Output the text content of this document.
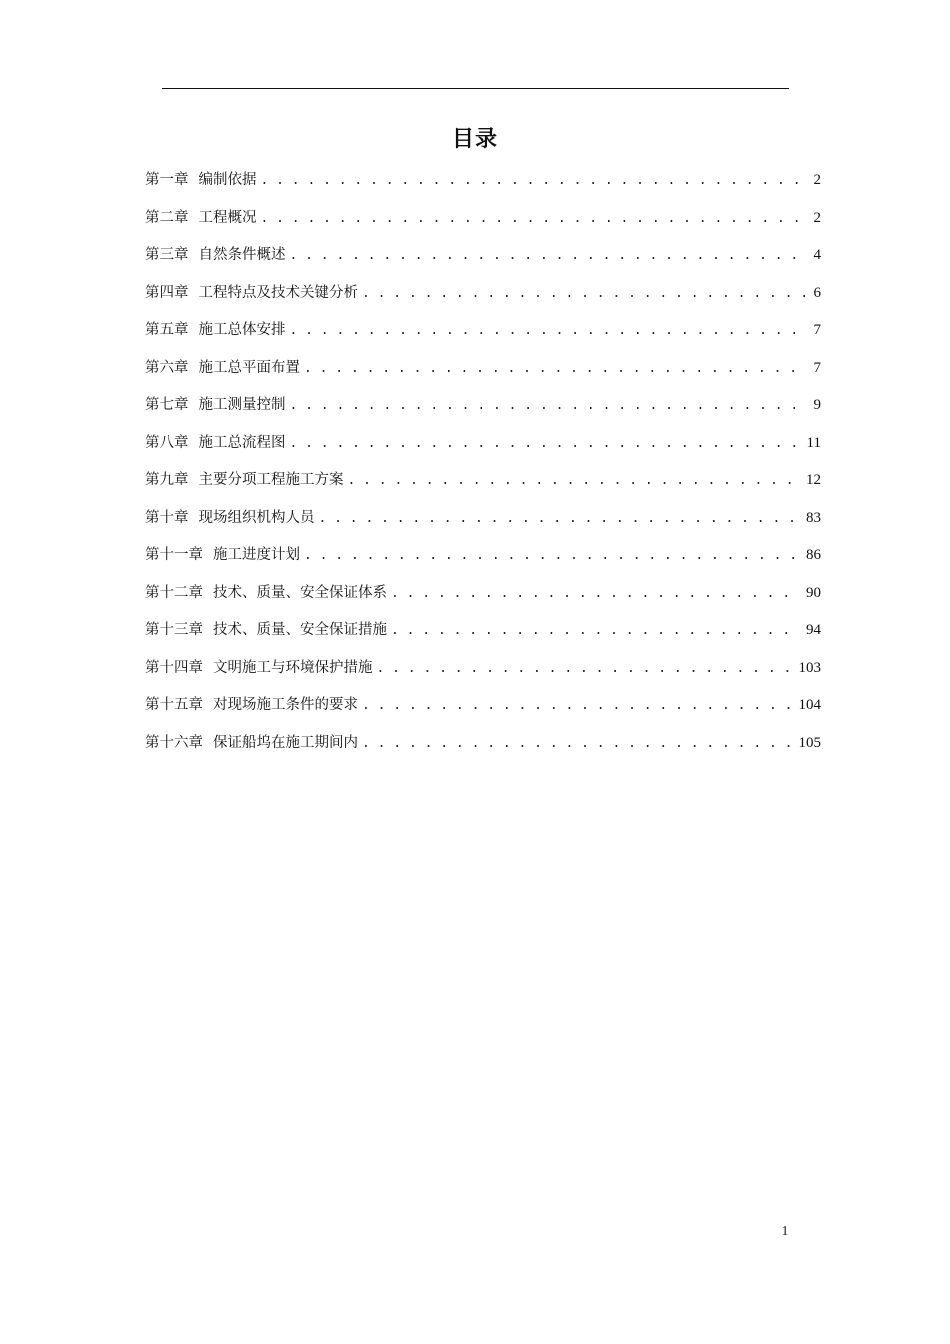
目录
第一章 编制依据 . . .	2
第二章 工程概况 . . .	2
第三章 自然条件概述 . . .	4
第四章 工程特点及技术关键分析 . . .	6
第五章 施工总体安排 . . .	7
第六章 施工总平面布置 . . .	7
第七章 施工测量控制 . . .	9
第八章 施工总流程图 . . .	11
第九章 主要分项工程施工方案 . . .	12
第十章 现场组织机构人员 . . .	83
第十一章 施工进度计划 . . .	86
第十二章 技术、质量、安全保证体系 . . .	90
第十三章 技术、质量、安全保证措施 . . .	94
第十四章 文明施工与环境保护措施 . . .	103
第十五章 对现场施工条件的要求 . . .	104
第十六章 保证船坞在施工期间内 . . .	105
1
